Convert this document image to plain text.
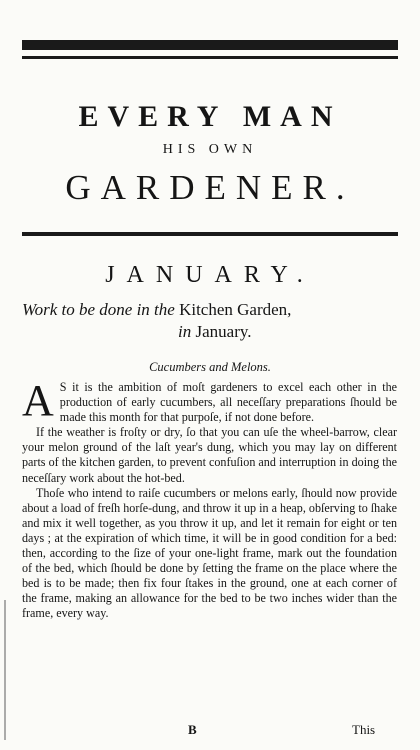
EVERY MAN
HIS OWN
GARDENER.
JANUARY.
Work to be done in the Kitchen Garden,
in January.
Cucumbers and Melons.

A S it is the ambition of moſt gardeners to excel each other in the production of early cucumbers, all neceſſary preparations ſhould be made this month for that purpoſe, if not done before.

If the weather is froſty or dry, ſo that you can uſe the wheel-barrow, clear your melon ground of the laſt year's dung, which you may lay on different parts of the kitchen garden, to prevent confuſion and interruption in doing the neceſſary work about the hot-bed.

Thoſe who intend to raiſe cucumbers or melons early, ſhould now provide about a load of freſh horſe-dung, and throw it up in a heap, obſerving to ſhake and mix it well together, as you throw it up, and let it remain for eight or ten days ; at the expiration of which time, it will be in good condition for a bed: then, according to the ſize of your one-light frame, mark out the foundation of the bed, which ſhould be done by ſetting the frame on the place where the bed is to be made; then fix four ſtakes in the ground, one at each corner of the frame, making an allowance for the bed to be two inches wider than the frame, every way.

B	This
